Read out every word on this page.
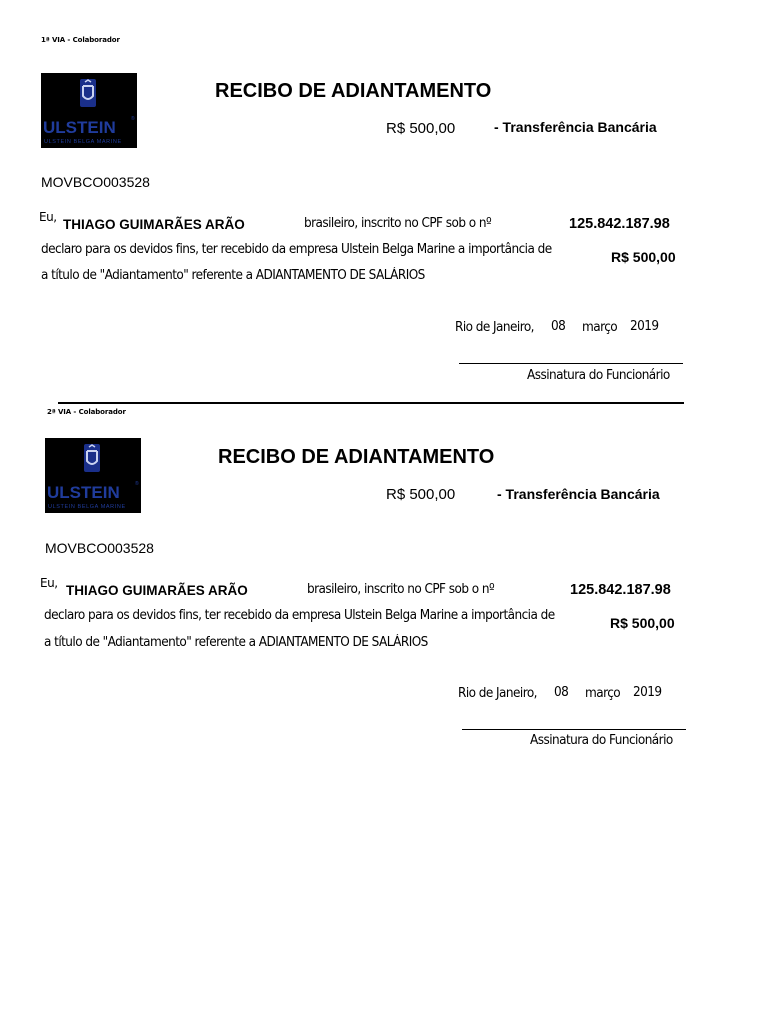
1ª VIA - Colaborador
ULSTEIN	®
ULSTEIN BELGA MARINE
RECIBO DE ADIANTAMENTO
R$ 500,00	- Transferência Bancária
MOVBCO003528
Eu, THIAGO GUIMARÃES ARÃO	brasileiro, inscrito no CPF sob o nº	125.842.187.98
declaro para os devidos fins, ter recebido da empresa Ulstein Belga Marine a importância de	R$ 500,00
a título de "Adiantamento" referente a ADIANTAMENTO DE SALÁRIOS
Rio de Janeiro, 08 março 2019
Assinatura do Funcionário
2ª VIA - Colaborador
ULSTEIN	®
ULSTEIN BELGA MARINE
RECIBO DE ADIANTAMENTO
R$ 500,00	- Transferência Bancária
MOVBCO003528
Eu, THIAGO GUIMARÃES ARÃO	brasileiro, inscrito no CPF sob o nº	125.842.187.98
declaro para os devidos fins, ter recebido da empresa Ulstein Belga Marine a importância de	R$ 500,00
a título de "Adiantamento" referente a ADIANTAMENTO DE SALÁRIOS
Rio de Janeiro, 08 março 2019
Assinatura do Funcionário
